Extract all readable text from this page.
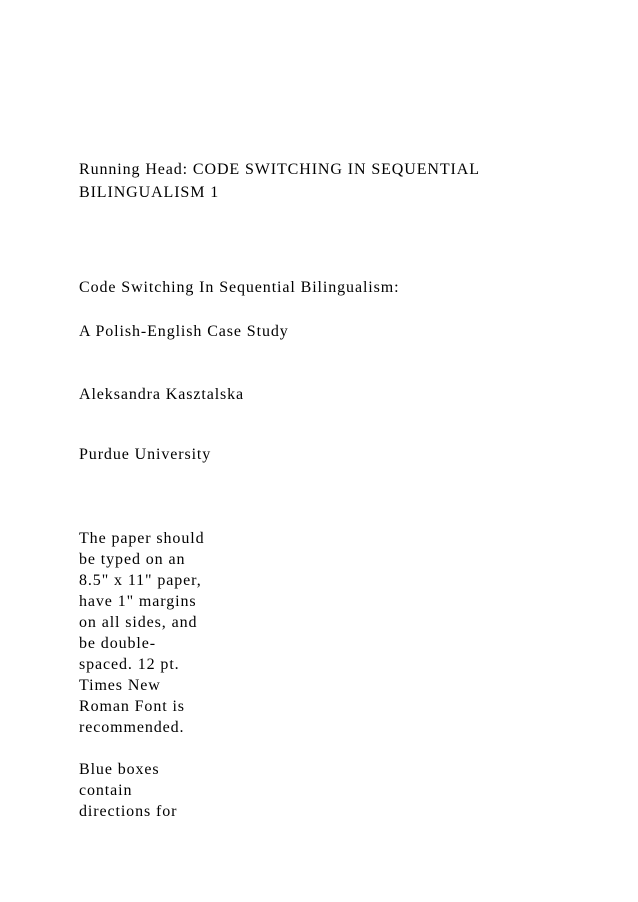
Running Head: CODE SWITCHING IN SEQUENTIAL BILINGUALISM 1

Code Switching In Sequential Bilingualism:

A Polish-English Case Study

Aleksandra Kasztalska

Purdue University

The paper should
be typed on an
8.5" x 11" paper,
have 1" margins
on all sides, and
be double-
spaced. 12 pt.
Times New
Roman Font is
recommended.
Blue boxes
contain
directions for
